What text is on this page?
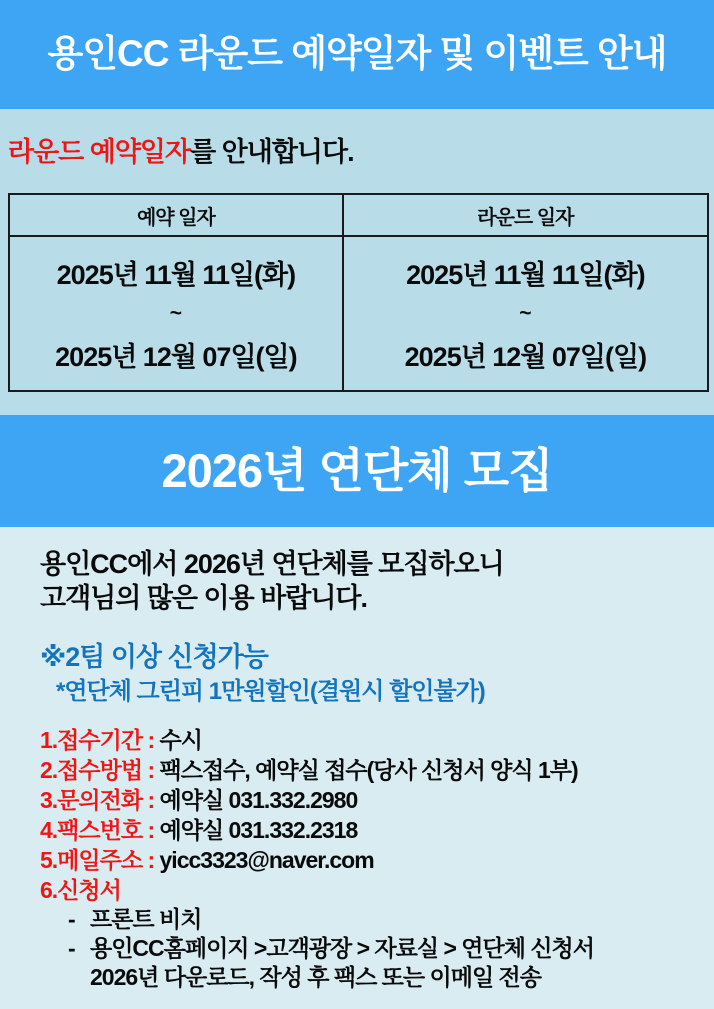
용인CC 라운드 예약일자 및 이벤트 안내

라운드 예약일자를 안내합니다.

예약 일자	라운드 일자
2025년 11월 11일(화)
~
2025년 12월 07일(일)
2025년 11월 11일(화)
~
2025년 12월 07일(일)
2026년 연단체 모집

용인CC에서 2026년 연단체를 모집하오니
고객님의 많은 이용 바랍니다.

※2팀 이상 신청가능
*연단체 그린피 1만원할인(결원시 할인불가)
1.접수기간 : 수시
2.접수방법 : 팩스접수, 예약실 접수(당사 신청서 양식 1부)
3.문의전화 : 예약실 031.332.2980
4.팩스번호 : 예약실 031.332.2318
5.메일주소 : yicc3323@naver.com
6.신청서
- 프론트 비치
- 용인CC홈페이지 >고객광장 > 자료실 > 연단체 신청서
2026년 다운로드, 작성 후 팩스 또는 이메일 전송
